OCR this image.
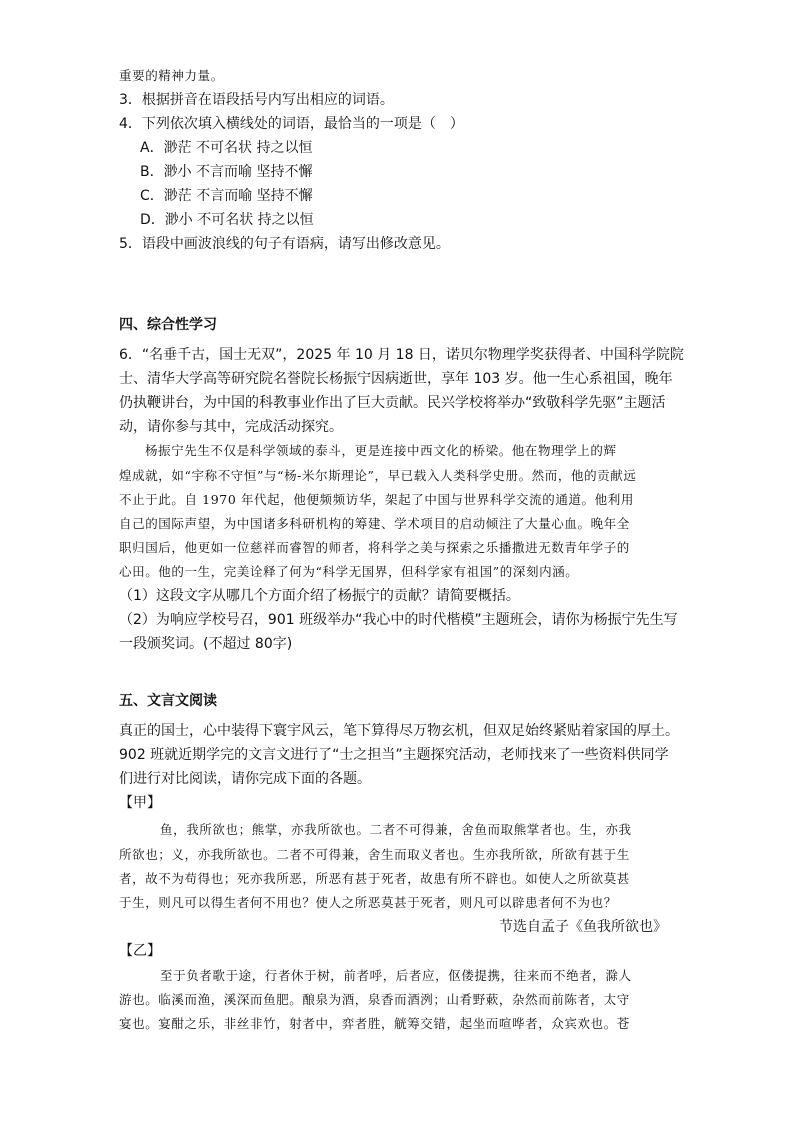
重要的精神力量。
3．根据拼音在语段括号内写出相应的词语。
4．下列依次填入横线处的词语，最恰当的一项是（　）
A．渺茫 不可名状 持之以恒
B．渺小 不言而喻 坚持不懈
C．渺茫 不言而喻 坚持不懈
D．渺小 不可名状 持之以恒
5．语段中画波浪线的句子有语病，请写出修改意见。
四、综合性学习
6．“名垂千古，国士无双”，2025 年 10 月 18 日，诺贝尔物理学奖获得者、中国科学院院
士、清华大学高等研究院名誉院长杨振宁因病逝世，享年 103 岁。他一生心系祖国，晚年
仍执鞭讲台，为中国的科教事业作出了巨大贡献。民兴学校将举办“致敬科学先驱”主题活
动，请你参与其中，完成活动探究。
杨振宁先生不仅是科学领域的泰斗，更是连接中西文化的桥梁。他在物理学上的辉
煌成就，如“宇称不守恒”与“杨-米尔斯理论”，早已载入人类科学史册。然而，他的贡献远
不止于此。自 1970 年代起，他便频频访华，架起了中国与世界科学交流的通道。他利用
自己的国际声望，为中国诸多科研机构的筹建、学术项目的启动倾注了大量心血。晚年全
职归国后，他更如一位慈祥而睿智的师者，将科学之美与探索之乐播撒进无数青年学子的
心田。他的一生，完美诠释了何为“科学无国界，但科学家有祖国”的深刻内涵。
（1）这段文字从哪几个方面介绍了杨振宁的贡献？请简要概括。
（2）为响应学校号召，901 班级举办“我心中的时代楷模”主题班会，请你为杨振宁先生写
一段颁奖词。(不超过 80字)
五、文言文阅读
真正的国士，心中装得下寰宇风云，笔下算得尽万物玄机，但双足始终紧贴着家国的厚土。
902 班就近期学完的文言文进行了“士之担当”主题探究活动，老师找来了一些资料供同学
们进行对比阅读，请你完成下面的各题。
【甲】
鱼，我所欲也；熊掌，亦我所欲也。二者不可得兼，舍鱼而取熊掌者也。生，亦我
所欲也；义，亦我所欲也。二者不可得兼，舍生而取义者也。生亦我所欲，所欲有甚于生
者，故不为苟得也；死亦我所恶，所恶有甚于死者，故患有所不辟也。如使人之所欲莫甚
于生，则凡可以得生者何不用也？使人之所恶莫甚于死者，则凡可以辟患者何不为也？
节选自孟子《鱼我所欲也》
【乙】
至于负者歌于途，行者休于树，前者呼，后者应，伛偻提携，往来而不绝者，滁人
游也。临溪而渔，溪深而鱼肥。酿泉为酒，泉香而酒洌；山肴野蔌，杂然而前陈者，太守
宴也。宴酣之乐，非丝非竹，射者中，弈者胜，觥筹交错，起坐而喧哗者，众宾欢也。苍
